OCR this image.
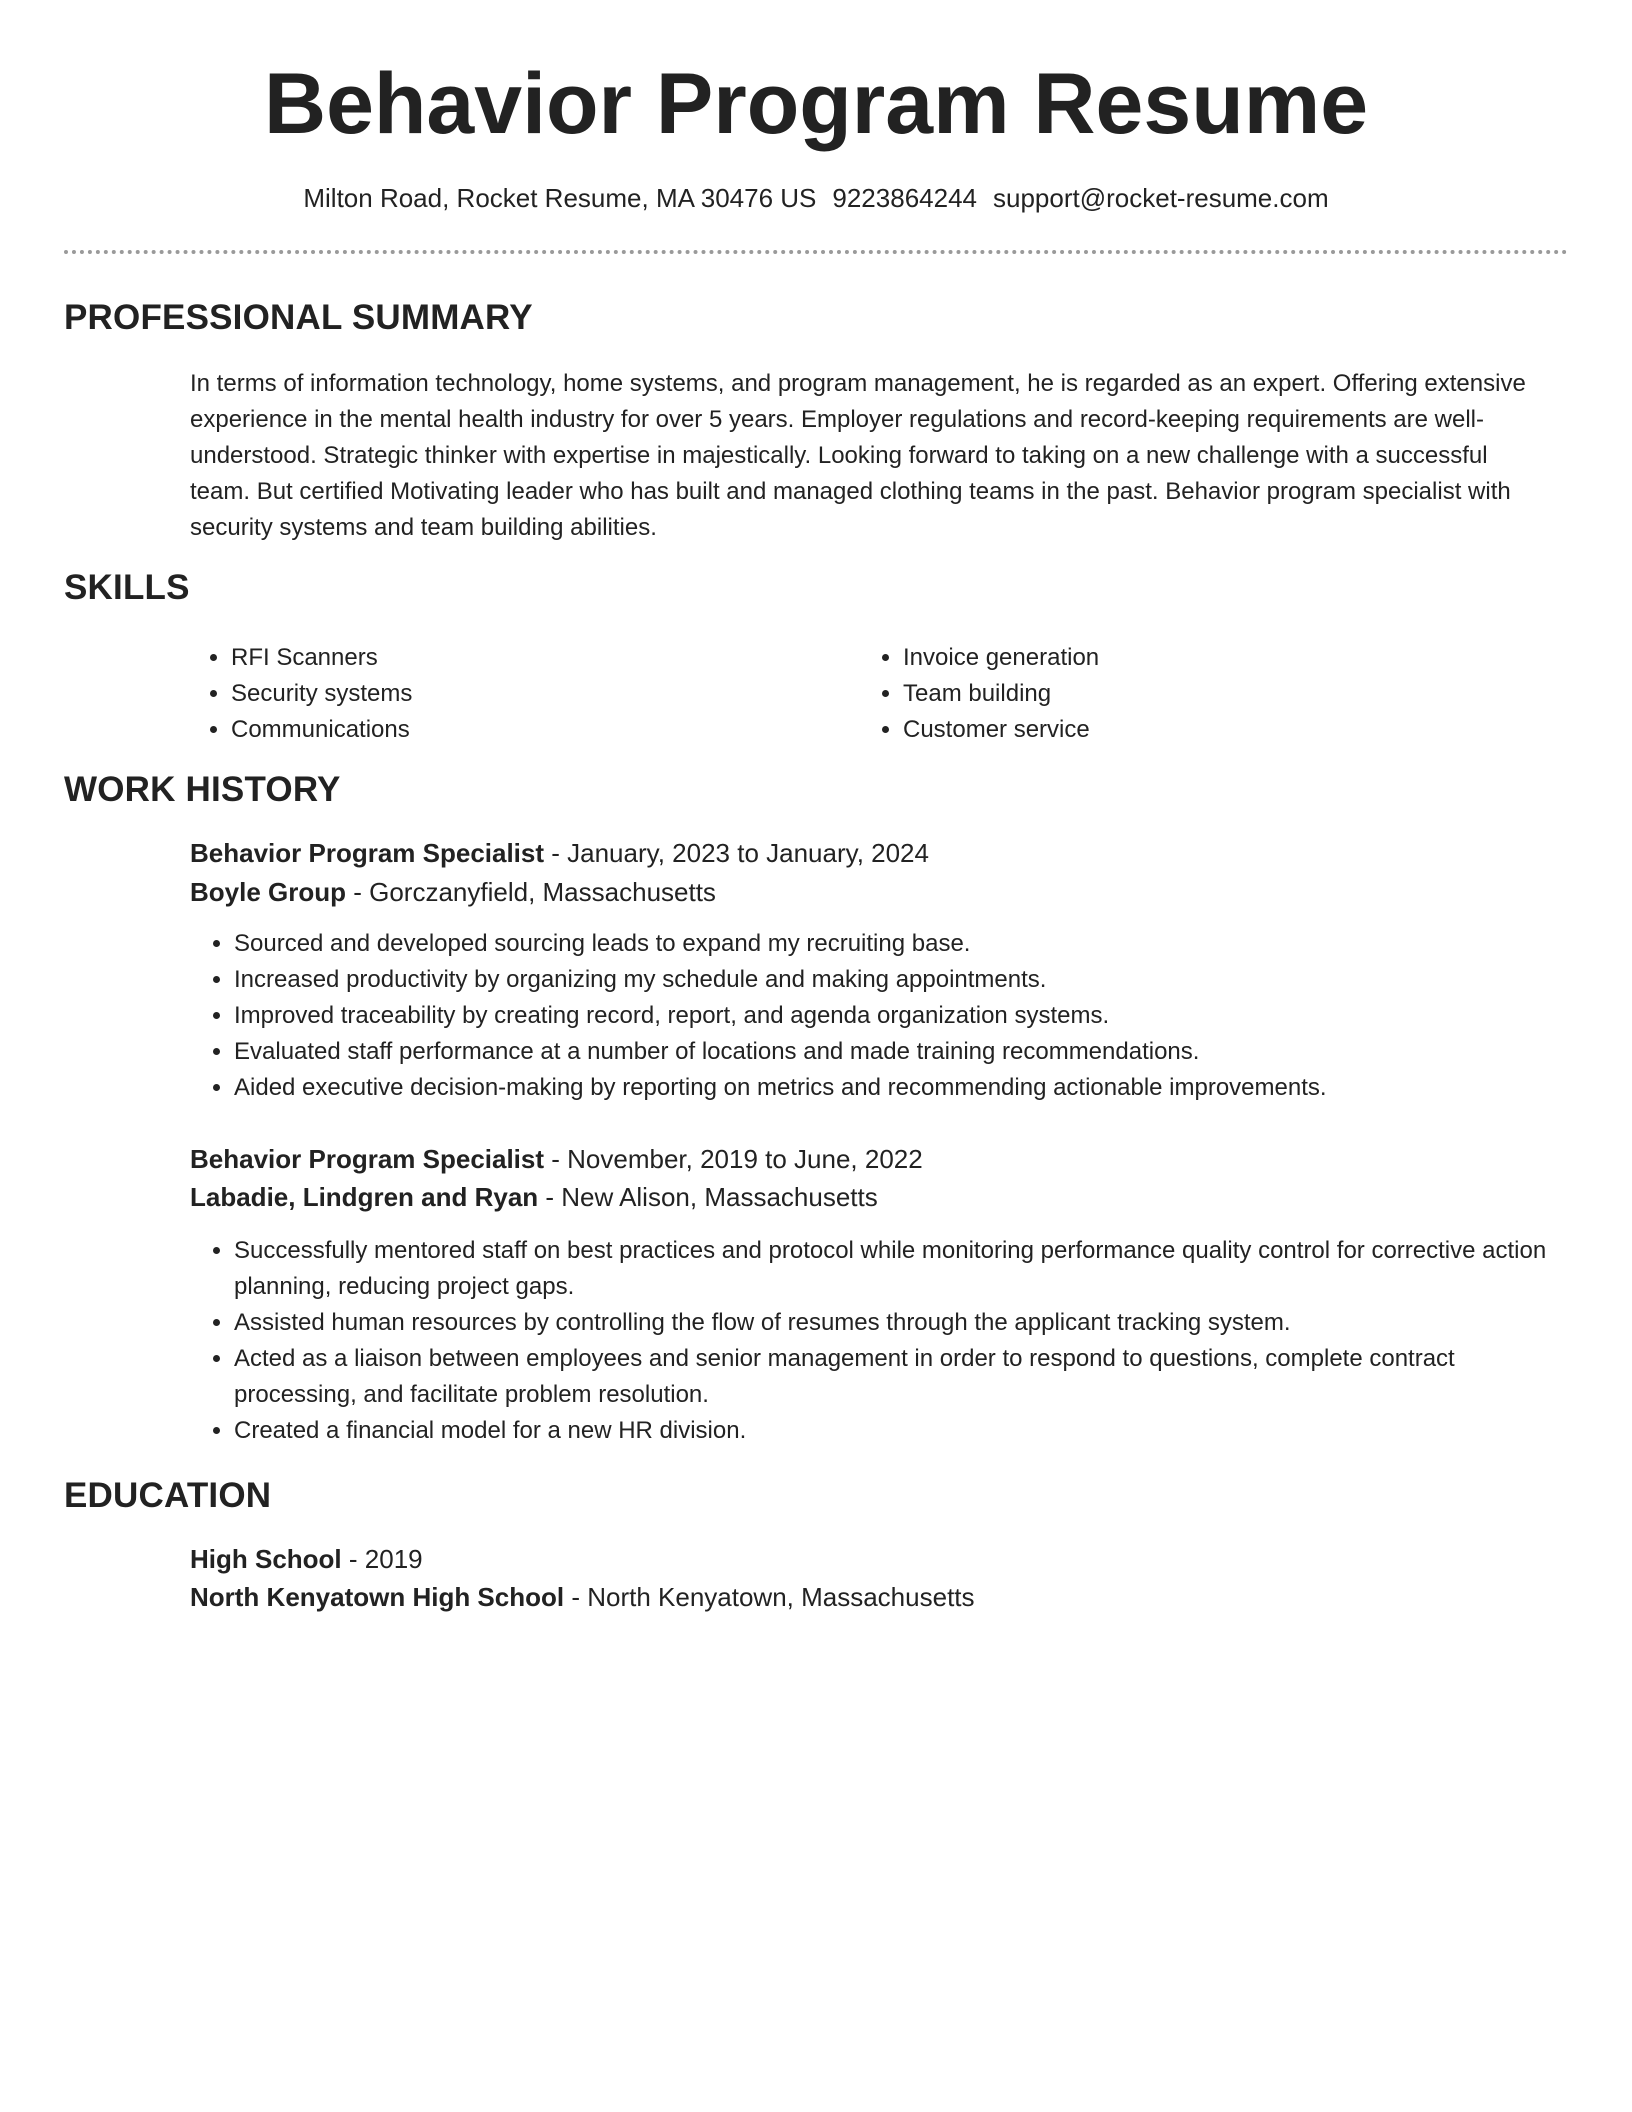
Behavior Program Resume
Milton Road, Rocket Resume, MA 30476 US 9223864244 support@rocket-resume.com
PROFESSIONAL SUMMARY

In terms of information technology, home systems, and program management, he is regarded as an expert. Offering extensive experience in the mental health industry for over 5 years. Employer regulations and record-keeping requirements are well-understood. Strategic thinker with expertise in majestically. Looking forward to taking on a new challenge with a successful team. But certified Motivating leader who has built and managed clothing teams in the past. Behavior program specialist with security systems and team building abilities.

SKILLS
• RFI Scanners
• Security systems
• Communications
• Invoice generation
• Team building
• Customer service
WORK HISTORY
Behavior Program Specialist - January, 2023 to January, 2024
Boyle Group - Gorczanyfield, Massachusetts
• Sourced and developed sourcing leads to expand my recruiting base.
• Increased productivity by organizing my schedule and making appointments.
• Improved traceability by creating record, report, and agenda organization systems.
• Evaluated staff performance at a number of locations and made training recommendations.
• Aided executive decision-making by reporting on metrics and recommending actionable improvements.
Behavior Program Specialist - November, 2019 to June, 2022
Labadie, Lindgren and Ryan - New Alison, Massachusetts
• Successfully mentored staff on best practices and protocol while monitoring performance quality control for corrective action planning, reducing project gaps.
• Assisted human resources by controlling the flow of resumes through the applicant tracking system.
• Acted as a liaison between employees and senior management in order to respond to questions, complete contract processing, and facilitate problem resolution.
• Created a financial model for a new HR division.
EDUCATION
High School - 2019
North Kenyatown High School - North Kenyatown, Massachusetts
